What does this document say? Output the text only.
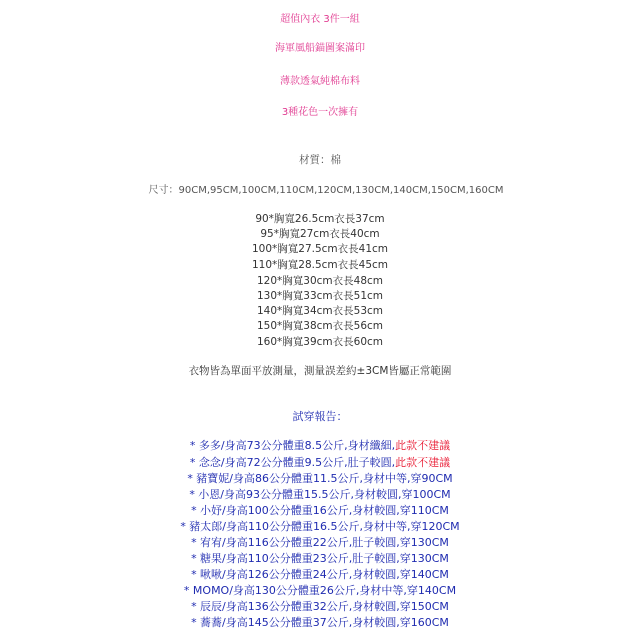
超值內衣 3件一組
海軍風船錨圖案滿印
薄款透氣純棉布料
3種花色一次擁有
材質：棉
尺寸：90CM,95CM,100CM,110CM,120CM,130CM,140CM,150CM,160CM
90*胸寬26.5cm衣長37cm
95*胸寬27cm衣長40cm
100*胸寬27.5cm衣長41cm
110*胸寬28.5cm衣長45cm
120*胸寬30cm衣長48cm
130*胸寬33cm衣長51cm
140*胸寬34cm衣長53cm
150*胸寬38cm衣長56cm
160*胸寬39cm衣長60cm
衣物皆為單面平放測量，測量誤差約±3CM皆屬正常範圍
試穿報告：
* 多多/身高73公分體重8.5公斤,身材纖細,此款不建議
* 念念/身高72公分體重9.5公斤,肚子較圓,此款不建議
* 豬寶妮/身高86公分體重11.5公斤,身材中等,穿90CM
* 小恩/身高93公分體重15.5公斤,身材較圓,穿100CM
* 小妤/身高100公分體重16公斤,身材較圓,穿110CM
* 豬太郎/身高110公分體重16.5公斤,身材中等,穿120CM
* 宥宥/身高116公分體重22公斤,肚子較圓,穿130CM
* 糖果/身高110公分體重23公斤,肚子較圓,穿130CM
* 啾啾/身高126公分體重24公斤,身材較圓,穿140CM
* MOMO/身高130公分體重26公斤,身材中等,穿140CM
* 辰辰/身高136公分體重32公斤,身材較圓,穿150CM
* 蕎蕎/身高145公分體重37公斤,身材較圓,穿160CM
